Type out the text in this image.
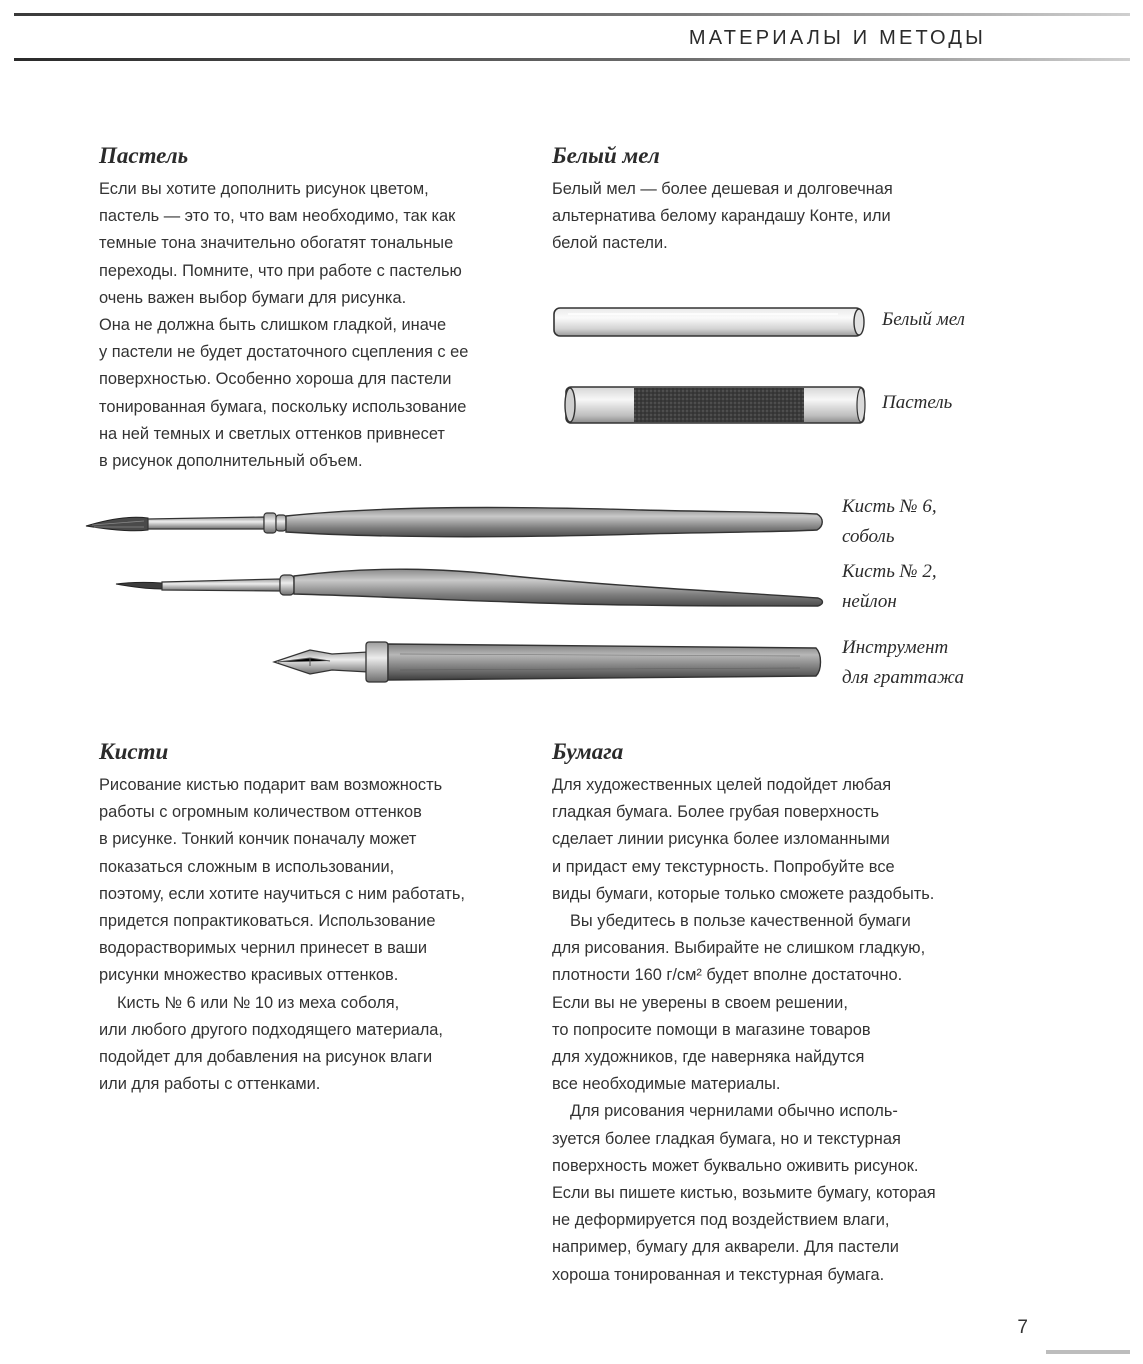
МАТЕРИАЛЫ И МЕТОДЫ
Пастель
Если вы хотите дополнить рисунок цветом,
пастель — это то, что вам необходимо, так как
темные тона значительно обогатят тональные
переходы. Помните, что при работе с пастелью
очень важен выбор бумаги для рисунка.
Она не должна быть слишком гладкой, иначе
у пастели не будет достаточного сцепления с ее
поверхностью. Особенно хороша для пастели
тонированная бумага, поскольку использование
на ней темных и светлых оттенков привнесет
в рисунок дополнительный объем.
Белый мел
Белый мел — более дешевая и долговечная
альтернатива белому карандашу Конте, или
белой пастели.
Белый мел
Пастель
Кисть № 6,
соболь
Кисть № 2,
нейлон
Инструмент
для граттажа
Кисти
Рисование кистью подарит вам возможность
работы с огромным количеством оттенков
в рисунке. Тонкий кончик поначалу может
показаться сложным в использовании,
поэтому, если хотите научиться с ним работать,
придется попрактиковаться. Использование
водорастворимых чернил принесет в ваши
рисунки множество красивых оттенков.
Кисть № 6 или № 10 из меха соболя,
или любого другого подходящего материала,
подойдет для добавления на рисунок влаги
или для работы с оттенками.
Бумага
Для художественных целей подойдет любая
гладкая бумага. Более грубая поверхность
сделает линии рисунка более изломанными
и придаст ему текстурность. Попробуйте все
виды бумаги, которые только сможете раздобыть.
Вы убедитесь в пользе качественной бумаги
для рисования. Выбирайте не слишком гладкую,
плотности 160 г/см² будет вполне достаточно.
Если вы не уверены в своем решении,
то попросите помощи в магазине товаров
для художников, где наверняка найдутся
все необходимые материалы.
Для рисования чернилами обычно исполь-
зуется более гладкая бумага, но и текстурная
поверхность может буквально оживить рисунок.
Если вы пишете кистью, возьмите бумагу, которая
не деформируется под воздействием влаги,
например, бумагу для акварели. Для пастели
хороша тонированная и текстурная бумага.
7
